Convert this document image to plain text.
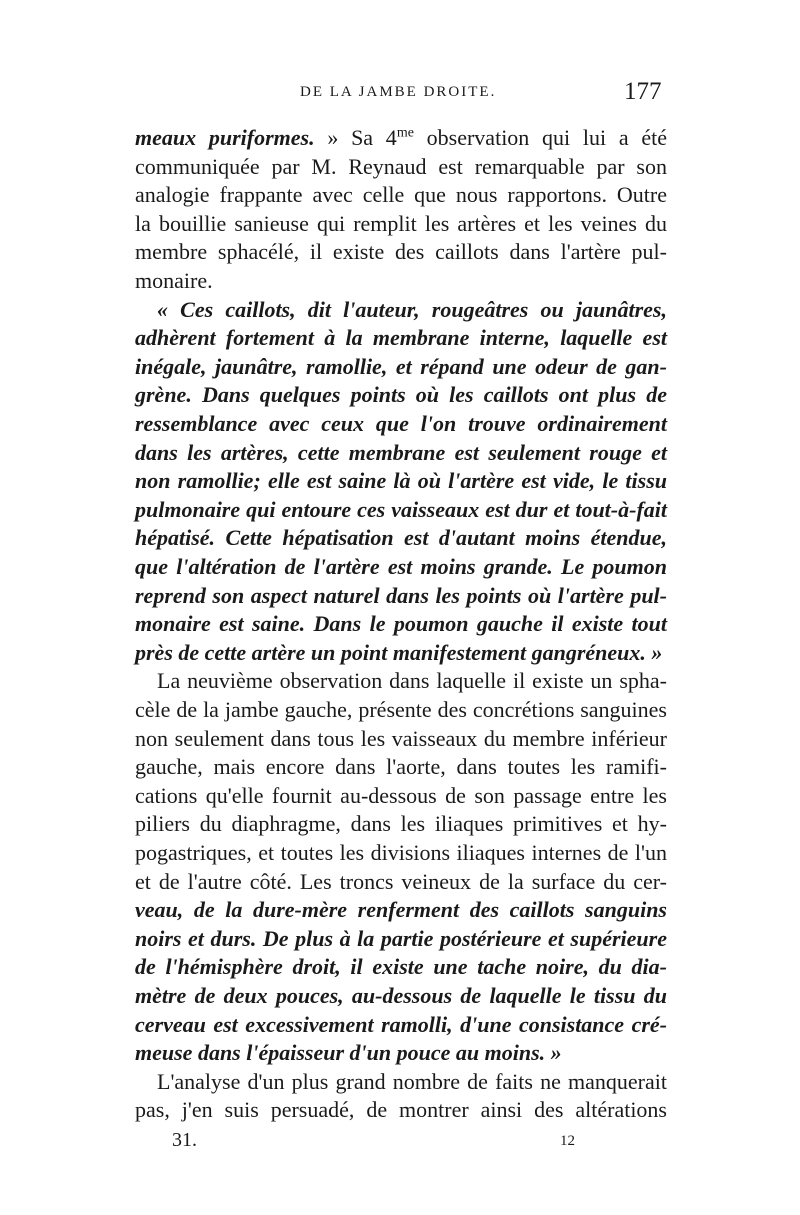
DE LA JAMBE DROITE.	177
meaux puriformes. » Sa $4^{me}$ observation qui lui a été
communiquée par M. Reynaud est remarquable par son
analogie frappante avec celle que nous rapportons. Outre
la bouillie sanieuse qui remplit les artères et les veines du
membre sphacélé, il existe des caillots dans l'artère pul-
monaire.
« Ces caillots, dit l'auteur, rougeâtres ou jaunâtres,
adhèrent fortement à la membrane interne, laquelle est
inégale, jaunâtre, ramollie, et répand une odeur de gan-
grène. Dans quelques points où les caillots ont plus de
ressemblance avec ceux que l'on trouve ordinairement
dans les artères, cette membrane est seulement rouge et
non ramollie; elle est saine là où l'artère est vide, le tissu
pulmonaire qui entoure ces vaisseaux est dur et tout-à-fait
hépatisé. Cette hépatisation est d'autant moins étendue,
que l'altération de l'artère est moins grande. Le poumon
reprend son aspect naturel dans les points où l'artère pul-
monaire est saine. Dans le poumon gauche il existe tout
près de cette artère un point manifestement gangréneux. »
La neuvième observation dans laquelle il existe un spha-
cèle de la jambe gauche, présente des concrétions sanguines
non seulement dans tous les vaisseaux du membre inférieur
gauche, mais encore dans l'aorte, dans toutes les ramifi-
cations qu'elle fournit au-dessous de son passage entre les
piliers du diaphragme, dans les iliaques primitives et hy-
pogastriques, et toutes les divisions iliaques internes de l'un
et de l'autre côté. Les troncs veineux de la surface du cer-
veau, de la dure-mère renferment des caillots sanguins
noirs et durs. De plus à la partie postérieure et supérieure
de l'hémisphère droit, il existe une tache noire, du dia-
mètre de deux pouces, au-dessous de laquelle le tissu du
cerveau est excessivement ramolli, d'une consistance cré-
meuse dans l'épaisseur d'un pouce au moins. »
L'analyse d'un plus grand nombre de faits ne manquerait
pas, j'en suis persuadé, de montrer ainsi des altérations
31.	12
